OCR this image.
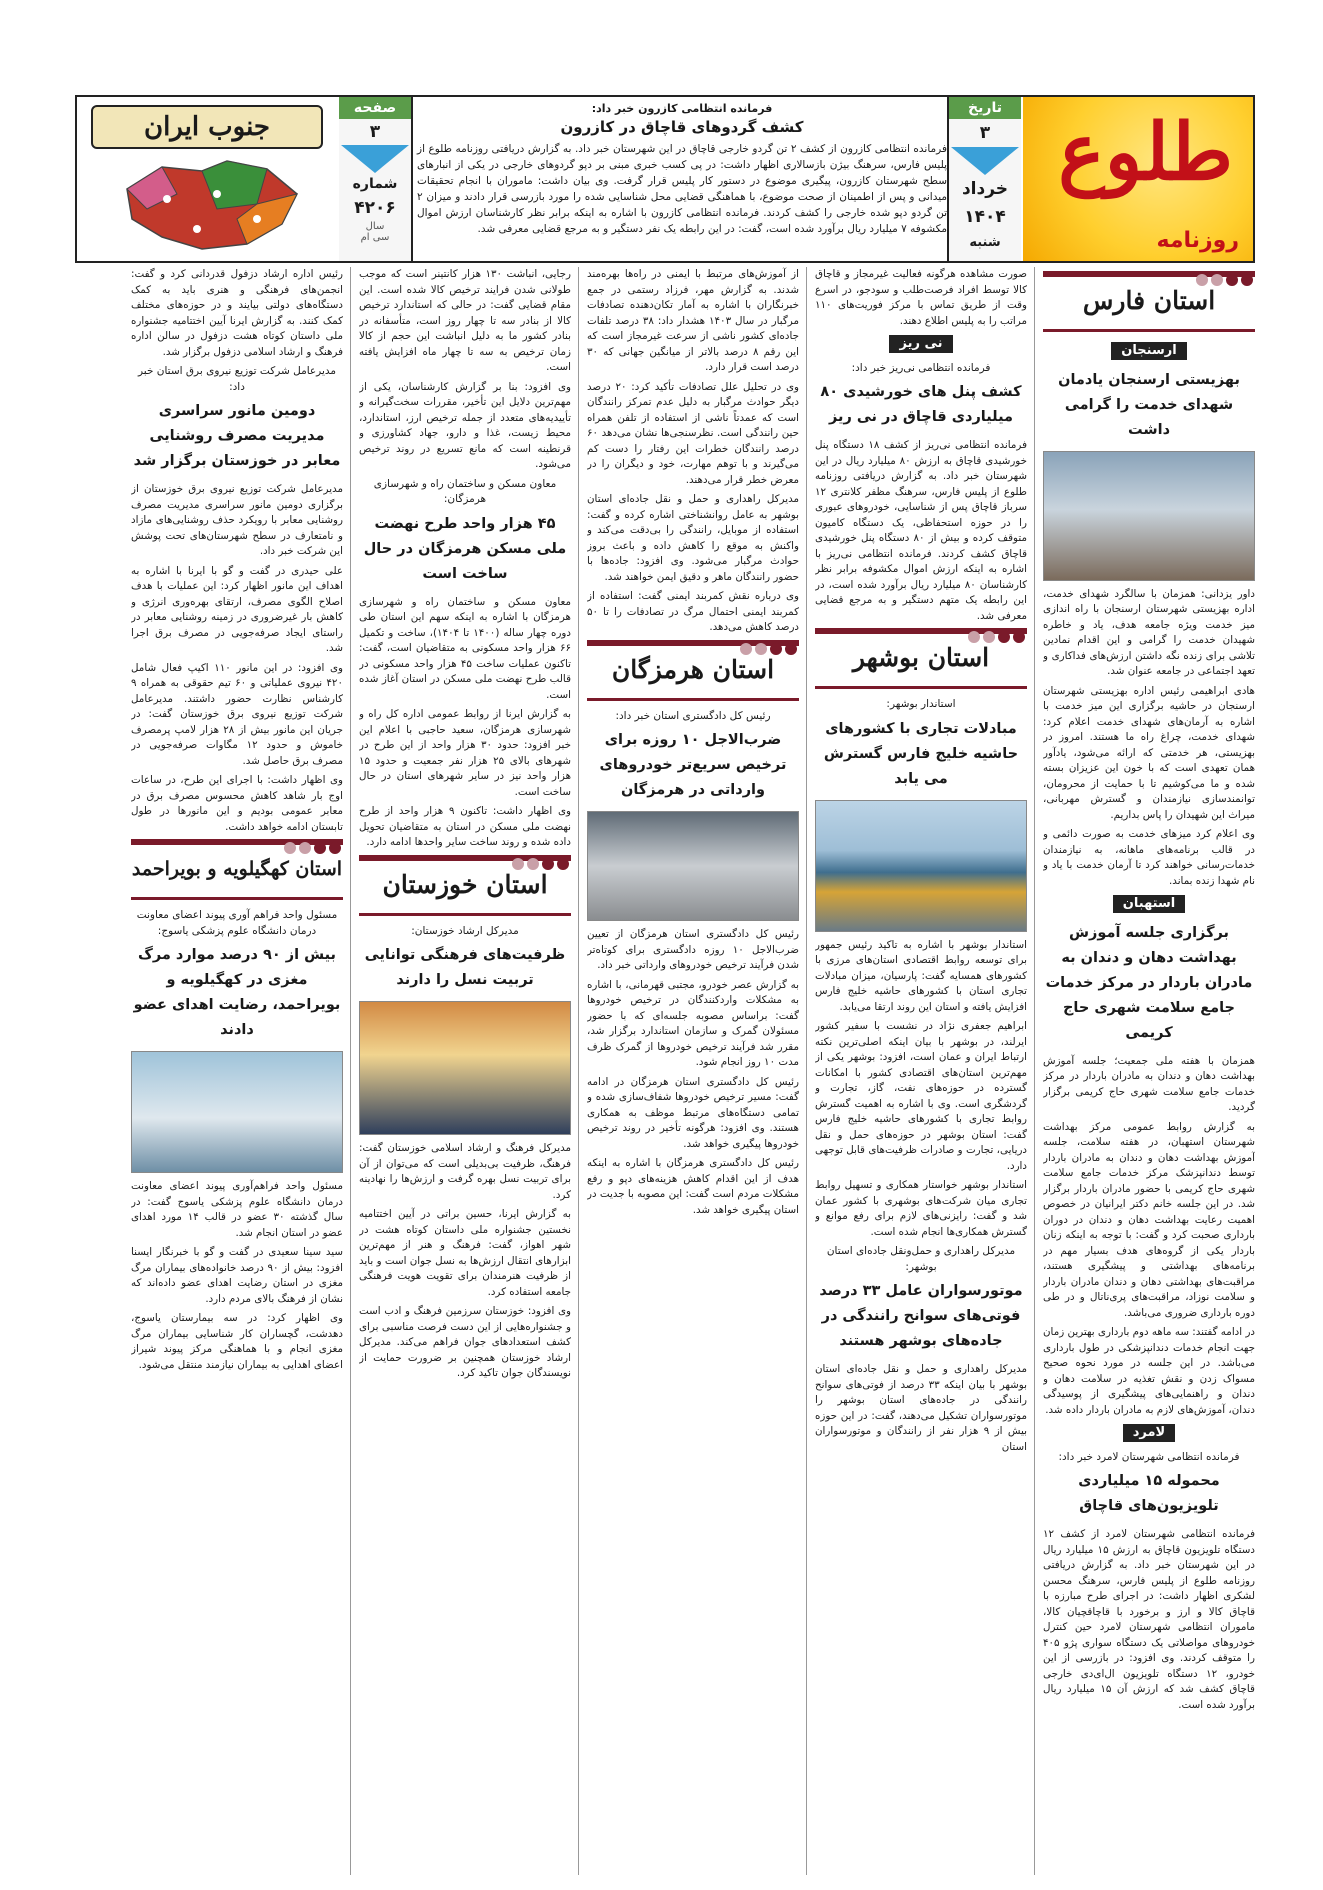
طلوع
روزنامه
تاریخ
۳
خرداد
۱۴۰۴
شنبه
فرمانده انتظامی کازرون خبر داد:
کشف گردوهای قاچاق در کازرون
فرمانده انتظامی کازرون از کشف ۲ تن گردو خارجی قاچاق در این شهرستان خبر داد. به گزارش دریافتی روزنامه طلوع از پلیس فارس، سرهنگ بیژن بازسالاری اظهار داشت: در پی کسب خبری مبنی بر دپو گردوهای خارجی در یکی از انبارهای سطح شهرستان کازرون، پیگیری موضوع در دستور کار پلیس قرار گرفت. وی بیان داشت: ماموران با انجام تحقیقات میدانی و پس از اطمینان از صحت موضوع، با هماهنگی قضایی محل شناسایی شده را مورد بازرسی قرار دادند و میزان ۲ تن گردو دپو شده خارجی را کشف کردند. فرمانده انتظامی کازرون با اشاره به اینکه برابر نظر کارشناسان ارزش اموال مکشوفه ۷ میلیارد ریال برآورد شده است، گفت: در این رابطه یک نفر دستگیر و به مرجع قضایی معرفی شد.
صفحه
۳
شماره
۴۲۰۶
سال
سی ام
جنوب ایران
استان فارس
ارسنجان
بهزیستی ارسنجان یادمان شهدای خدمت را گرامی داشت

داور یزدانی: همزمان با سالگرد شهدای خدمت، اداره بهزیستی شهرستان ارسنجان با راه اندازی میز خدمت ویژه جامعه هدف، یاد و خاطره شهیدان خدمت را گرامی و این اقدام نمادین تلاشی برای زنده نگه داشتن ارزش‌های فداکاری و تعهد اجتماعی در جامعه عنوان شد.

هادی ابراهیمی رئیس اداره بهزیستی شهرستان ارسنجان در حاشیه برگزاری این میز خدمت با اشاره به آرمان‌های شهدای خدمت اعلام کرد: شهدای خدمت، چراغ راه ما هستند. امروز در بهزیستی، هر خدمتی که ارائه می‌شود، یادآور همان تعهدی است که با خون این عزیزان بسته شده و ما می‌کوشیم تا با حمایت از محرومان، توانمندسازی نیازمندان و گسترش مهربانی، میراث این شهیدان را پاس بداریم.

وی اعلام کرد میزهای خدمت به صورت دائمی و در قالب برنامه‌های ماهانه، به نیازمندان خدمات‌رسانی خواهند کرد تا آرمان خدمت با یاد و نام شهدا زنده بماند.

استهبان
برگزاری جلسه آموزش بهداشت دهان و دندان به مادران باردار در مرکز خدمات جامع سلامت شهری حاج کریمی

همزمان با هفته ملی جمعیت؛ جلسه آموزش بهداشت دهان و دندان به مادران باردار در مرکز خدمات جامع سلامت شهری حاج کریمی برگزار گردید.

به گزارش روابط عمومی مرکز بهداشت شهرستان استهبان، در هفته سلامت، جلسه آموزش بهداشت دهان و دندان به مادران باردار توسط دندانپزشک مرکز خدمات جامع سلامت شهری حاج کریمی با حضور مادران باردار برگزار شد. در این جلسه خانم دکتر ایرانیان در خصوص اهمیت رعایت بهداشت دهان و دندان در دوران بارداری صحبت کرد و گفت: با توجه به اینکه زنان باردار یکی از گروه‌های هدف بسیار مهم در برنامه‌های بهداشتی و پیشگیری هستند، مراقبت‌های بهداشتی دهان و دندان مادران باردار و سلامت نوزاد، مراقبت‌های پری‌ناتال و در طی دوره بارداری ضروری می‌باشد.

در ادامه گفتند: سه ماهه دوم بارداری بهترین زمان جهت انجام خدمات دندانپزشکی در طول بارداری می‌باشد. در این جلسه در مورد نحوه صحیح مسواک زدن و نقش تغذیه در سلامت دهان و دندان و راهنمایی‌های پیشگیری از پوسیدگی دندان، آموزش‌های لازم به مادران باردار داده شد.

لامرد
فرمانده انتظامی شهرستان لامرد خبر داد:
محموله ۱۵ میلیاردی تلویزیون‌های قاچاق

فرمانده انتظامی شهرستان لامرد از کشف ۱۲ دستگاه تلویزیون قاچاق به ارزش ۱۵ میلیارد ریال در این شهرستان خبر داد. به گزارش دریافتی روزنامه طلوع از پلیس فارس، سرهنگ محسن لشکری اظهار داشت: در اجرای طرح مبارزه با قاچاق کالا و ارز و برخورد با قاچاقچیان کالا، ماموران انتظامی شهرستان لامرد حین کنترل خودروهای مواصلاتی یک دستگاه سواری پژو ۴۰۵ را متوقف کردند. وی افزود: در بازرسی از این خودرو، ۱۲ دستگاه تلویزیون ال‌ای‌دی خارجی قاچاق کشف شد که ارزش آن ۱۵ میلیارد ریال برآورد شده است.

صورت مشاهده هرگونه فعالیت غیرمجاز و قاچاق کالا توسط افراد فرصت‌طلب و سودجو، در اسرع وقت از طریق تماس با مرکز فوریت‌های ۱۱۰ مراتب را به پلیس اطلاع دهند.

نی ریز
فرمانده انتظامی نی‌ریز خبر داد:
کشف پنل های خورشیدی ۸۰ میلیاردی قاچاق در نی ریز

فرمانده انتظامی نی‌ریز از کشف ۱۸ دستگاه پنل خورشیدی قاچاق به ارزش ۸۰ میلیارد ریال در این شهرستان خبر داد. به گزارش دریافتی روزنامه طلوع از پلیس فارس، سرهنگ مظفر کلانتری ۱۲ سرباز قاچاق پس از شناسایی، خودروهای عبوری را در حوزه استحفاظی، یک دستگاه کامیون متوقف کرده و بیش از ۸۰ دستگاه پنل خورشیدی قاچاق کشف کردند. فرمانده انتظامی نی‌ریز با اشاره به اینکه ارزش اموال مکشوفه برابر نظر کارشناسان ۸۰ میلیارد ریال برآورد شده است، در این رابطه یک متهم دستگیر و به مرجع قضایی معرفی شد.

استان بوشهر
استاندار بوشهر:
مبادلات تجاری با کشورهای حاشیه خلیج فارس گسترش می یابد

استاندار بوشهر با اشاره به تاکید رئیس جمهور برای توسعه روابط اقتصادی استان‌های مرزی با کشورهای همسایه گفت: پارسیان، میزان مبادلات تجاری استان با کشورهای حاشیه خلیج فارس افزایش یافته و استان این روند ارتقا می‌یابد.

ابراهیم جعفری نژاد در نشست با سفیر کشور ایرلند، در بوشهر با بیان اینکه اصلی‌ترین نکته ارتباط ایران و عمان است، افزود: بوشهر یکی از مهم‌ترین استان‌های اقتصادی کشور با امکانات گسترده در حوزه‌های نفت، گاز، تجارت و گردشگری است. وی با اشاره به اهمیت گسترش روابط تجاری با کشورهای حاشیه خلیج فارس گفت: استان بوشهر در حوزه‌های حمل و نقل دریایی، تجارت و صادرات ظرفیت‌های قابل توجهی دارد.

استاندار بوشهر خواستار همکاری و تسهیل روابط تجاری میان شرکت‌های بوشهری با کشور عمان شد و گفت: رایزنی‌های لازم برای رفع موانع و گسترش همکاری‌ها انجام شده است.

مدیرکل راهداری و حمل‌ونقل جاده‌ای استان بوشهر:
موتورسواران عامل ۳۳ درصد فوتی‌های سوانح رانندگی در جاده‌های بوشهر هستند

مدیرکل راهداری و حمل و نقل جاده‌ای استان بوشهر با بیان اینکه ۳۳ درصد از فوتی‌های سوانح رانندگی در جاده‌های استان بوشهر را موتورسواران تشکیل می‌دهند، گفت: در این حوزه بیش از ۹ هزار نفر از رانندگان و موتورسواران استان

از آموزش‌های مرتبط با ایمنی در راه‌ها بهره‌مند شدند. به گزارش مهر، فرزاد رستمی در جمع خبرنگاران با اشاره به آمار تکان‌دهنده تصادفات مرگبار در سال ۱۴۰۳ هشدار داد: ۳۸ درصد تلفات جاده‌ای کشور ناشی از سرعت غیرمجاز است که این رقم ۸ درصد بالاتر از میانگین جهانی که ۳۰ درصد است قرار دارد.

وی در تحلیل علل تصادفات تأکید کرد: ۲۰ درصد دیگر حوادث مرگبار به دلیل عدم تمرکز رانندگان است که عمدتاً ناشی از استفاده از تلفن همراه حین رانندگی است. نظرسنجی‌ها نشان می‌دهد ۶۰ درصد رانندگان خطرات این رفتار را دست کم می‌گیرند و با توهم مهارت، خود و دیگران را در معرض خطر قرار می‌دهند.

مدیرکل راهداری و حمل و نقل جاده‌ای استان بوشهر به عامل روانشناختی اشاره کرده و گفت: استفاده از موبایل، رانندگی را بی‌دقت می‌کند و واکنش به موقع را کاهش داده و باعث بروز حوادث مرگبار می‌شود. وی افزود: جاده‌ها با حضور رانندگان ماهر و دقیق ایمن خواهند شد.

وی درباره نقش کمربند ایمنی گفت: استفاده از کمربند ایمنی احتمال مرگ در تصادفات را تا ۵۰ درصد کاهش می‌دهد.

استان هرمزگان
رئیس کل دادگستری استان خبر داد:
ضرب‌الاجل ۱۰ روزه برای ترخیص سریع‌تر خودروهای وارداتی در هرمزگان

رئیس کل دادگستری استان هرمزگان از تعیین ضرب‌الاجل ۱۰ روزه دادگستری برای کوتاه‌تر شدن فرآیند ترخیص خودروهای وارداتی خبر داد.

به گزارش عصر خودرو، مجتبی قهرمانی، با اشاره به مشکلات واردکنندگان در ترخیص خودروها گفت: براساس مصوبه جلسه‌ای که با حضور مسئولان گمرک و سازمان استاندارد برگزار شد، مقرر شد فرآیند ترخیص خودروها از گمرک ظرف مدت ۱۰ روز انجام شود.

رئیس کل دادگستری استان هرمزگان در ادامه گفت: مسیر ترخیص خودروها شفاف‌سازی شده و تمامی دستگاه‌های مرتبط موظف به همکاری هستند. وی افزود: هرگونه تأخیر در روند ترخیص خودروها پیگیری خواهد شد.

رئیس کل دادگستری هرمزگان با اشاره به اینکه هدف از این اقدام کاهش هزینه‌های دپو و رفع مشکلات مردم است گفت: این مصوبه با جدیت در استان پیگیری خواهد شد.

رجایی، انباشت ۱۳۰ هزار کانتینر است که موجب طولانی شدن فرایند ترخیص کالا شده است. این مقام قضایی گفت: در حالی که استاندارد ترخیص کالا از بنادر سه تا چهار روز است، متأسفانه در بنادر کشور ما به دلیل انباشت این حجم از کالا زمان ترخیص به سه تا چهار ماه افزایش یافته است.

وی افزود: بنا بر گزارش کارشناسان، یکی از مهم‌ترین دلایل این تأخیر، مقررات سخت‌گیرانه و تأییدیه‌های متعدد از جمله ترخیص ارز، استاندارد، محیط زیست، غذا و دارو، جهاد کشاورزی و قرنطینه است که مانع تسریع در روند ترخیص می‌شود.

معاون مسکن و ساختمان راه و شهرسازی هرمزگان:
۴۵ هزار واحد طرح نهضت ملی مسکن هرمزگان در حال ساخت است

معاون مسکن و ساختمان راه و شهرسازی هرمزگان با اشاره به اینکه سهم این استان طی دوره چهار ساله (۱۴۰۰ تا ۱۴۰۴)، ساخت و تکمیل ۶۶ هزار واحد مسکونی به متقاضیان است، گفت: تاکنون عملیات ساخت ۴۵ هزار واحد مسکونی در قالب طرح نهضت ملی مسکن در استان آغاز شده است.

به گزارش ایرنا از روابط عمومی اداره کل راه و شهرسازی هرمزگان، سعید حاجبی با اعلام این خبر افزود: حدود ۳۰ هزار واحد از این طرح در شهرهای بالای ۲۵ هزار نفر جمعیت و حدود ۱۵ هزار واحد نیز در سایر شهرهای استان در حال ساخت است.

وی اظهار داشت: تاکنون ۹ هزار واحد از طرح نهضت ملی مسکن در استان به متقاضیان تحویل داده شده و روند ساخت سایر واحدها ادامه دارد.

استان خوزستان
مدیرکل ارشاد خوزستان:
ظرفیت‌های فرهنگی توانایی تربیت نسل را دارند

مدیرکل فرهنگ و ارشاد اسلامی خوزستان گفت: فرهنگ، ظرفیت بی‌بدیلی است که می‌توان از آن برای تربیت نسل بهره گرفت و ارزش‌ها را نهادینه کرد.

به گزارش ایرنا، حسین براتی در آیین اختتامیه نخستین جشنواره ملی داستان کوتاه هشت در شهر اهواز، گفت: فرهنگ و هنر از مهم‌ترین ابزارهای انتقال ارزش‌ها به نسل جوان است و باید از ظرفیت هنرمندان برای تقویت هویت فرهنگی جامعه استفاده کرد.

وی افزود: خوزستان سرزمین فرهنگ و ادب است و جشنواره‌هایی از این دست فرصت مناسبی برای کشف استعدادهای جوان فراهم می‌کند. مدیرکل ارشاد خوزستان همچنین بر ضرورت حمایت از نویسندگان جوان تاکید کرد.

رئیس اداره ارشاد دزفول قدردانی کرد و گفت: انجمن‌های فرهنگی و هنری باید به کمک دستگاه‌های دولتی بیایند و در حوزه‌های مختلف کمک کنند. به گزارش ایرنا آیین اختتامیه جشنواره ملی داستان کوتاه هشت دزفول در سالن اداره فرهنگ و ارشاد اسلامی دزفول برگزار شد.

مدیرعامل شرکت توزیع نیروی برق استان خبر داد:
دومین مانور سراسری مدیریت مصرف روشنایی معابر در خوزستان برگزار شد

مدیرعامل شرکت توزیع نیروی برق خوزستان از برگزاری دومین مانور سراسری مدیریت مصرف روشنایی معابر با رویکرد حذف روشنایی‌های مازاد و نامتعارف در سطح شهرستان‌های تحت پوشش این شرکت خبر داد.

علی حیدری در گفت و گو با ایرنا با اشاره به اهداف این مانور اظهار کرد: این عملیات با هدف اصلاح الگوی مصرف، ارتقای بهره‌وری انرژی و کاهش بار غیرضروری در زمینه روشنایی معابر در راستای ایجاد صرفه‌جویی در مصرف برق اجرا شد.

وی افزود: در این مانور ۱۱۰ اکیپ فعال شامل ۴۲۰ نیروی عملیاتی و ۶۰ تیم حقوقی به همراه ۹ کارشناس نظارت حضور داشتند. مدیرعامل شرکت توزیع نیروی برق خوزستان گفت: در جریان این مانور بیش از ۲۸ هزار لامپ پرمصرف خاموش و حدود ۱۲ مگاوات صرفه‌جویی در مصرف برق حاصل شد.

وی اظهار داشت: با اجرای این طرح، در ساعات اوج بار شاهد کاهش محسوس مصرف برق در معابر عمومی بودیم و این مانورها در طول تابستان ادامه خواهد داشت.

استان کهگیلویه و بویراحمد
مسئول واحد فراهم آوری پیوند اعضای معاونت درمان دانشگاه علوم پزشکی یاسوج:
بیش از ۹۰ درصد موارد مرگ مغزی در کهگیلویه و بویراحمد، رضایت اهدای عضو دادند

مسئول واحد فراهم‌آوری پیوند اعضای معاونت درمان دانشگاه علوم پزشکی یاسوج گفت: در سال گذشته ۳۰ عضو در قالب ۱۴ مورد اهدای عضو در استان انجام شد.

سید سینا سعیدی در گفت و گو با خبرنگار ایسنا افزود: بیش از ۹۰ درصد خانواده‌های بیماران مرگ مغزی در استان رضایت اهدای عضو داده‌اند که نشان از فرهنگ بالای مردم دارد.

وی اظهار کرد: در سه بیمارستان یاسوج، دهدشت، گچساران کار شناسایی بیماران مرگ مغزی انجام و با هماهنگی مرکز پیوند شیراز اعضای اهدایی به بیماران نیازمند منتقل می‌شود.
